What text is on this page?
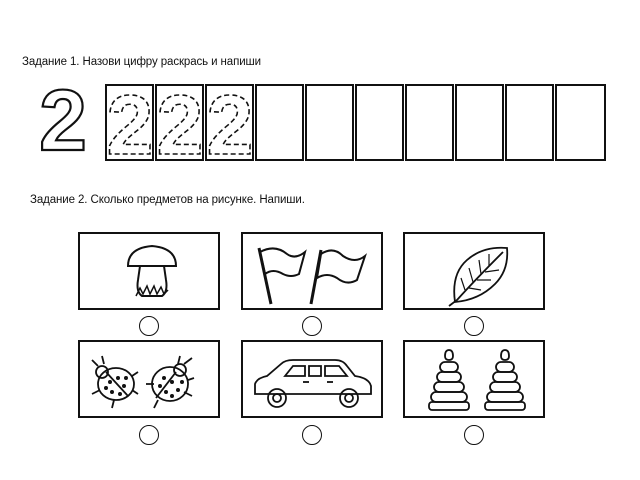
Задание 1. Назови цифру раскрась и напиши
2 2 2 2
Задание 2. Сколько предметов на рисунке. Напиши.
